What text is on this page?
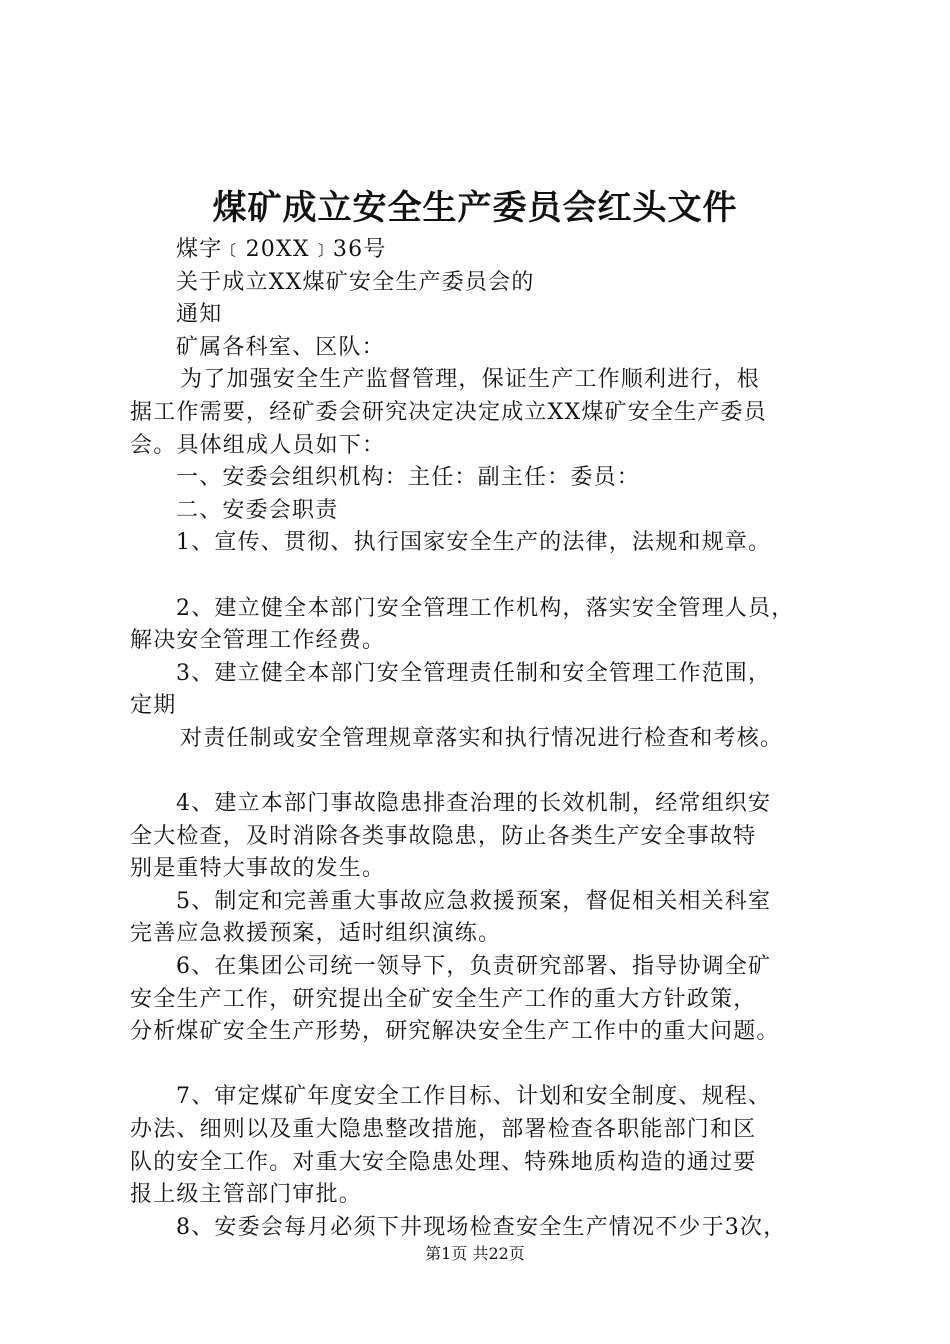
煤矿成立安全生产委员会红头文件
煤字﹝20XX﹞36号
关于成立XX煤矿安全生产委员会的
通知
矿属各科室、区队：
为了加强安全生产监督管理，保证生产工作顺利进行，根
据工作需要，经矿委会研究决定决定成立XX煤矿安全生产委员
会。具体组成人员如下：
一、安委会组织机构：主任：副主任：委员：
二、安委会职责
1、宣传、贯彻、执行国家安全生产的法律，法规和规章。
2、建立健全本部门安全管理工作机构，落实安全管理人员，
解决安全管理工作经费。
3、建立健全本部门安全管理责任制和安全管理工作范围，
定期
对责任制或安全管理规章落实和执行情况进行检查和考核。
4、建立本部门事故隐患排查治理的长效机制，经常组织安
全大检查，及时消除各类事故隐患，防止各类生产安全事故特
别是重特大事故的发生。
5、制定和完善重大事故应急救援预案，督促相关相关科室
完善应急救援预案，适时组织演练。
6、在集团公司统一领导下，负责研究部署、指导协调全矿
安全生产工作，研究提出全矿安全生产工作的重大方针政策，
分析煤矿安全生产形势，研究解决安全生产工作中的重大问题。
7、审定煤矿年度安全工作目标、计划和安全制度、规程、
办法、细则以及重大隐患整改措施，部署检查各职能部门和区
队的安全工作。对重大安全隐患处理、特殊地质构造的通过要
报上级主管部门审批。
8、安委会每月必须下井现场检查安全生产情况不少于3次，
第1页 共22页
